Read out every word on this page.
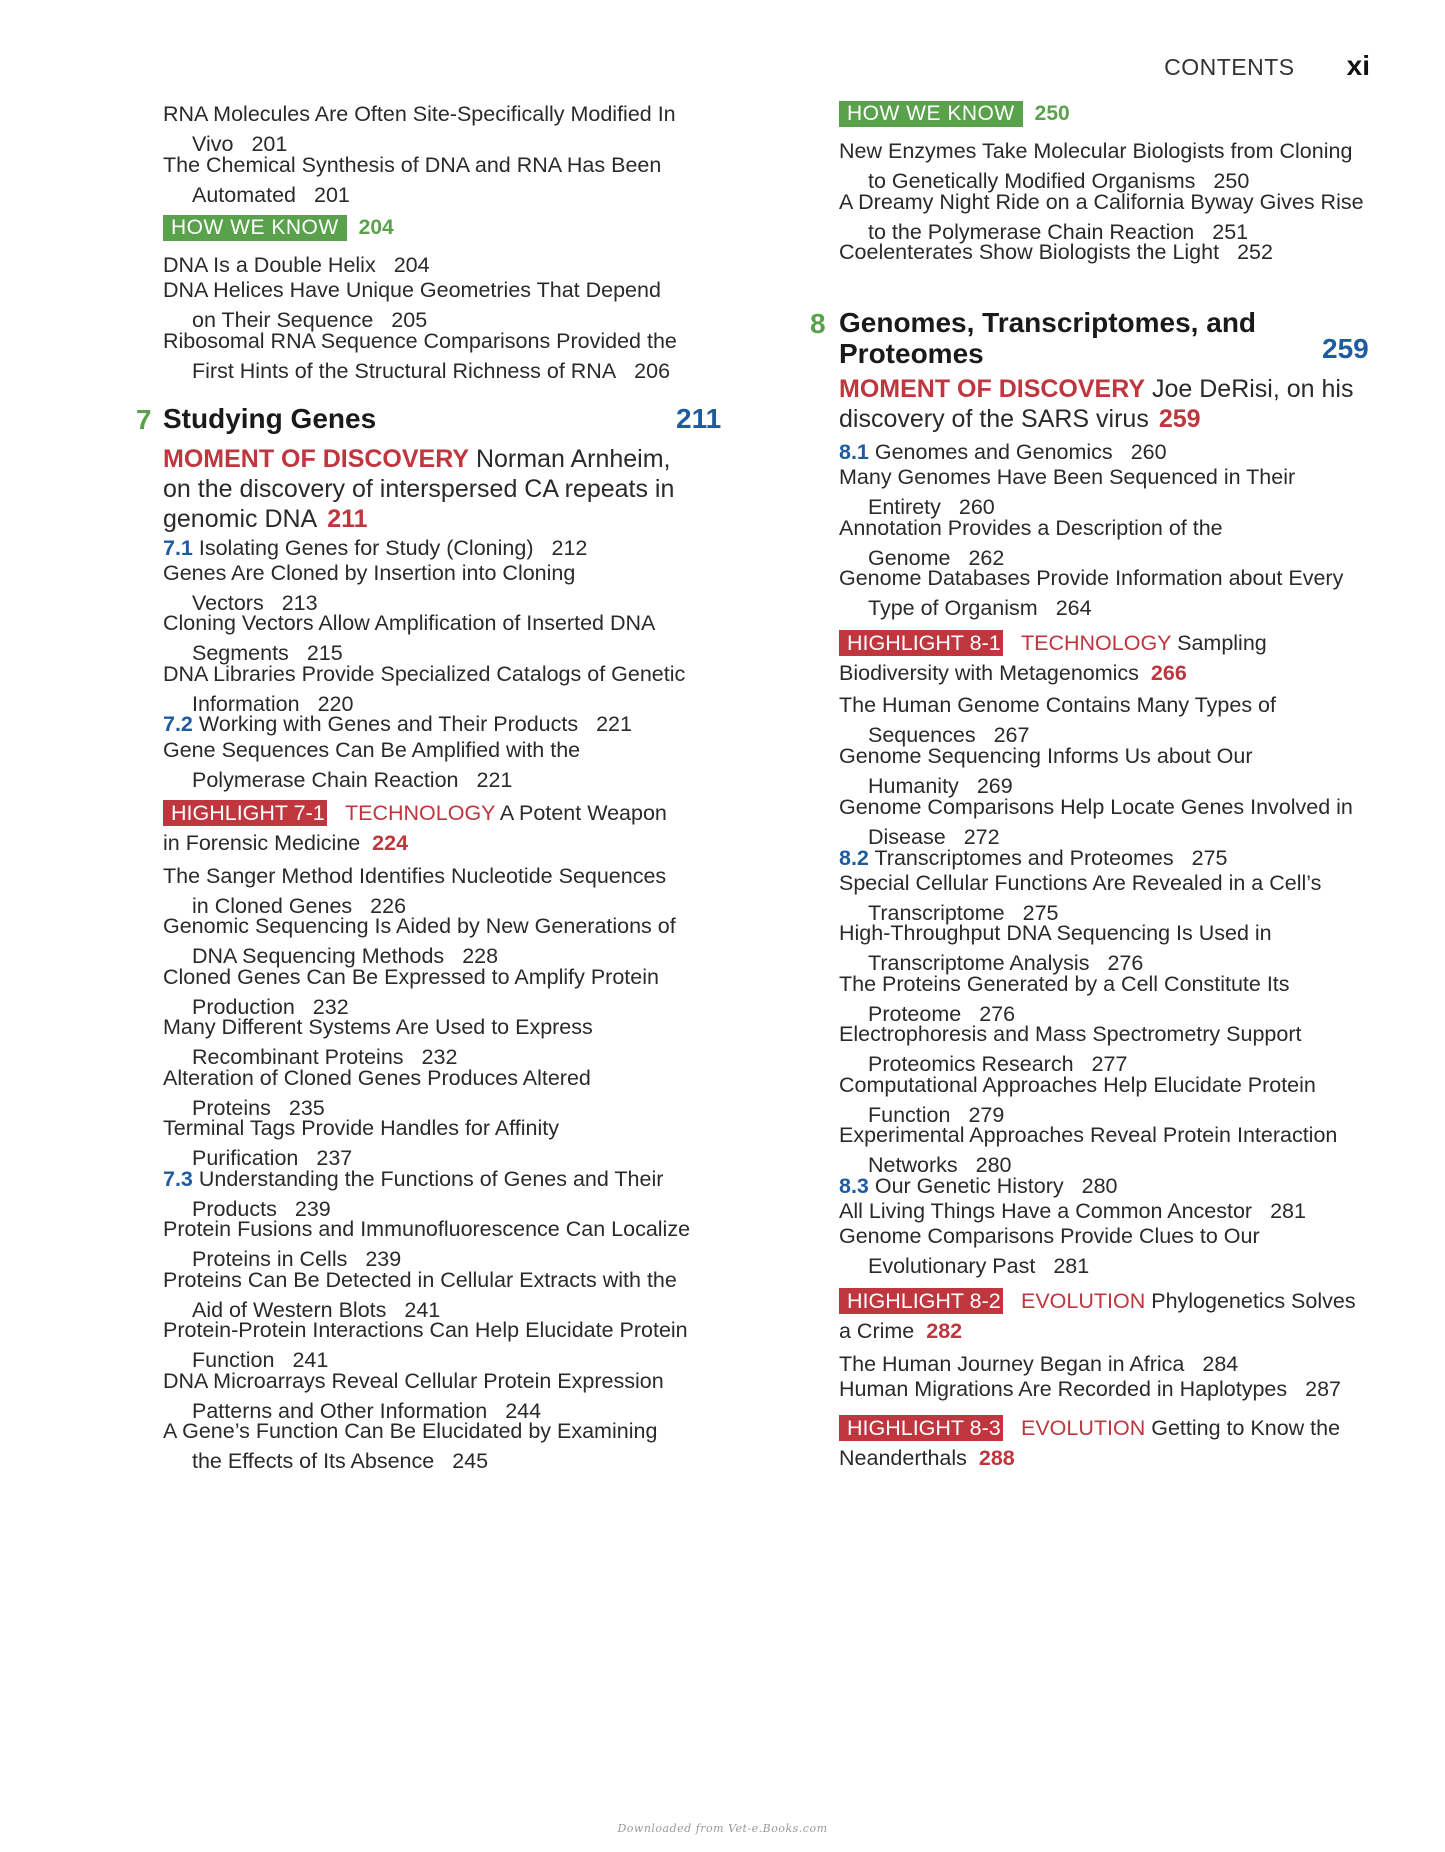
CONTENTS xi
RNA Molecules Are Often Site-Specifically Modified In
Vivo 201
The Chemical Synthesis of DNA and RNA Has Been
Automated 201
HOW WE KNOW 204
DNA Is a Double Helix 204
DNA Helices Have Unique Geometries That Depend
on Their Sequence 205
Ribosomal RNA Sequence Comparisons Provided the
First Hints of the Structural Richness of RNA 206
7 Studying Genes	211
MOMENT OF DISCOVERY Norman Arnheim,
on the discovery of interspersed CA repeats in
genomic DNA 211
7.1 Isolating Genes for Study (Cloning) 212
Genes Are Cloned by Insertion into Cloning
Vectors 213
Cloning Vectors Allow Amplification of Inserted DNA
Segments 215
DNA Libraries Provide Specialized Catalogs of Genetic
Information 220
7.2 Working with Genes and Their Products 221
Gene Sequences Can Be Amplified with the
Polymerase Chain Reaction 221
HIGHLIGHT 7-1 TECHNOLOGY A Potent Weapon
in Forensic Medicine 224
The Sanger Method Identifies Nucleotide Sequences
in Cloned Genes 226
Genomic Sequencing Is Aided by New Generations of
DNA Sequencing Methods 228
Cloned Genes Can Be Expressed to Amplify Protein
Production 232
Many Different Systems Are Used to Express
Recombinant Proteins 232
Alteration of Cloned Genes Produces Altered
Proteins 235
Terminal Tags Provide Handles for Affinity
Purification 237
7.3 Understanding the Functions of Genes and Their
Products 239
Protein Fusions and Immunofluorescence Can Localize
Proteins in Cells 239
Proteins Can Be Detected in Cellular Extracts with the
Aid of Western Blots 241
Protein-Protein Interactions Can Help Elucidate Protein
Function 241
DNA Microarrays Reveal Cellular Protein Expression
Patterns and Other Information 244
A Gene’s Function Can Be Elucidated by Examining
the Effects of Its Absence 245
HOW WE KNOW 250
New Enzymes Take Molecular Biologists from Cloning
to Genetically Modified Organisms 250
A Dreamy Night Ride on a California Byway Gives Rise
to the Polymerase Chain Reaction 251
Coelenterates Show Biologists the Light 252
8 Genomes, Transcriptomes, and
Proteomes	259
MOMENT OF DISCOVERY Joe DeRisi, on his
discovery of the SARS virus 259
8.1 Genomes and Genomics 260
Many Genomes Have Been Sequenced in Their
Entirety 260
Annotation Provides a Description of the
Genome 262
Genome Databases Provide Information about Every
Type of Organism 264
HIGHLIGHT 8-1 TECHNOLOGY Sampling
Biodiversity with Metagenomics 266
The Human Genome Contains Many Types of
Sequences 267
Genome Sequencing Informs Us about Our
Humanity 269
Genome Comparisons Help Locate Genes Involved in
Disease 272
8.2 Transcriptomes and Proteomes 275
Special Cellular Functions Are Revealed in a Cell’s
Transcriptome 275
High-Throughput DNA Sequencing Is Used in
Transcriptome Analysis 276
The Proteins Generated by a Cell Constitute Its
Proteome 276
Electrophoresis and Mass Spectrometry Support
Proteomics Research 277
Computational Approaches Help Elucidate Protein
Function 279
Experimental Approaches Reveal Protein Interaction
Networks 280
8.3 Our Genetic History 280
All Living Things Have a Common Ancestor 281
Genome Comparisons Provide Clues to Our
Evolutionary Past 281
HIGHLIGHT 8-2 EVOLUTION Phylogenetics Solves
a Crime 282
The Human Journey Began in Africa 284
Human Migrations Are Recorded in Haplotypes 287
HIGHLIGHT 8-3 EVOLUTION Getting to Know the
Neanderthals 288
Downloaded from Vet-e.Books.com
